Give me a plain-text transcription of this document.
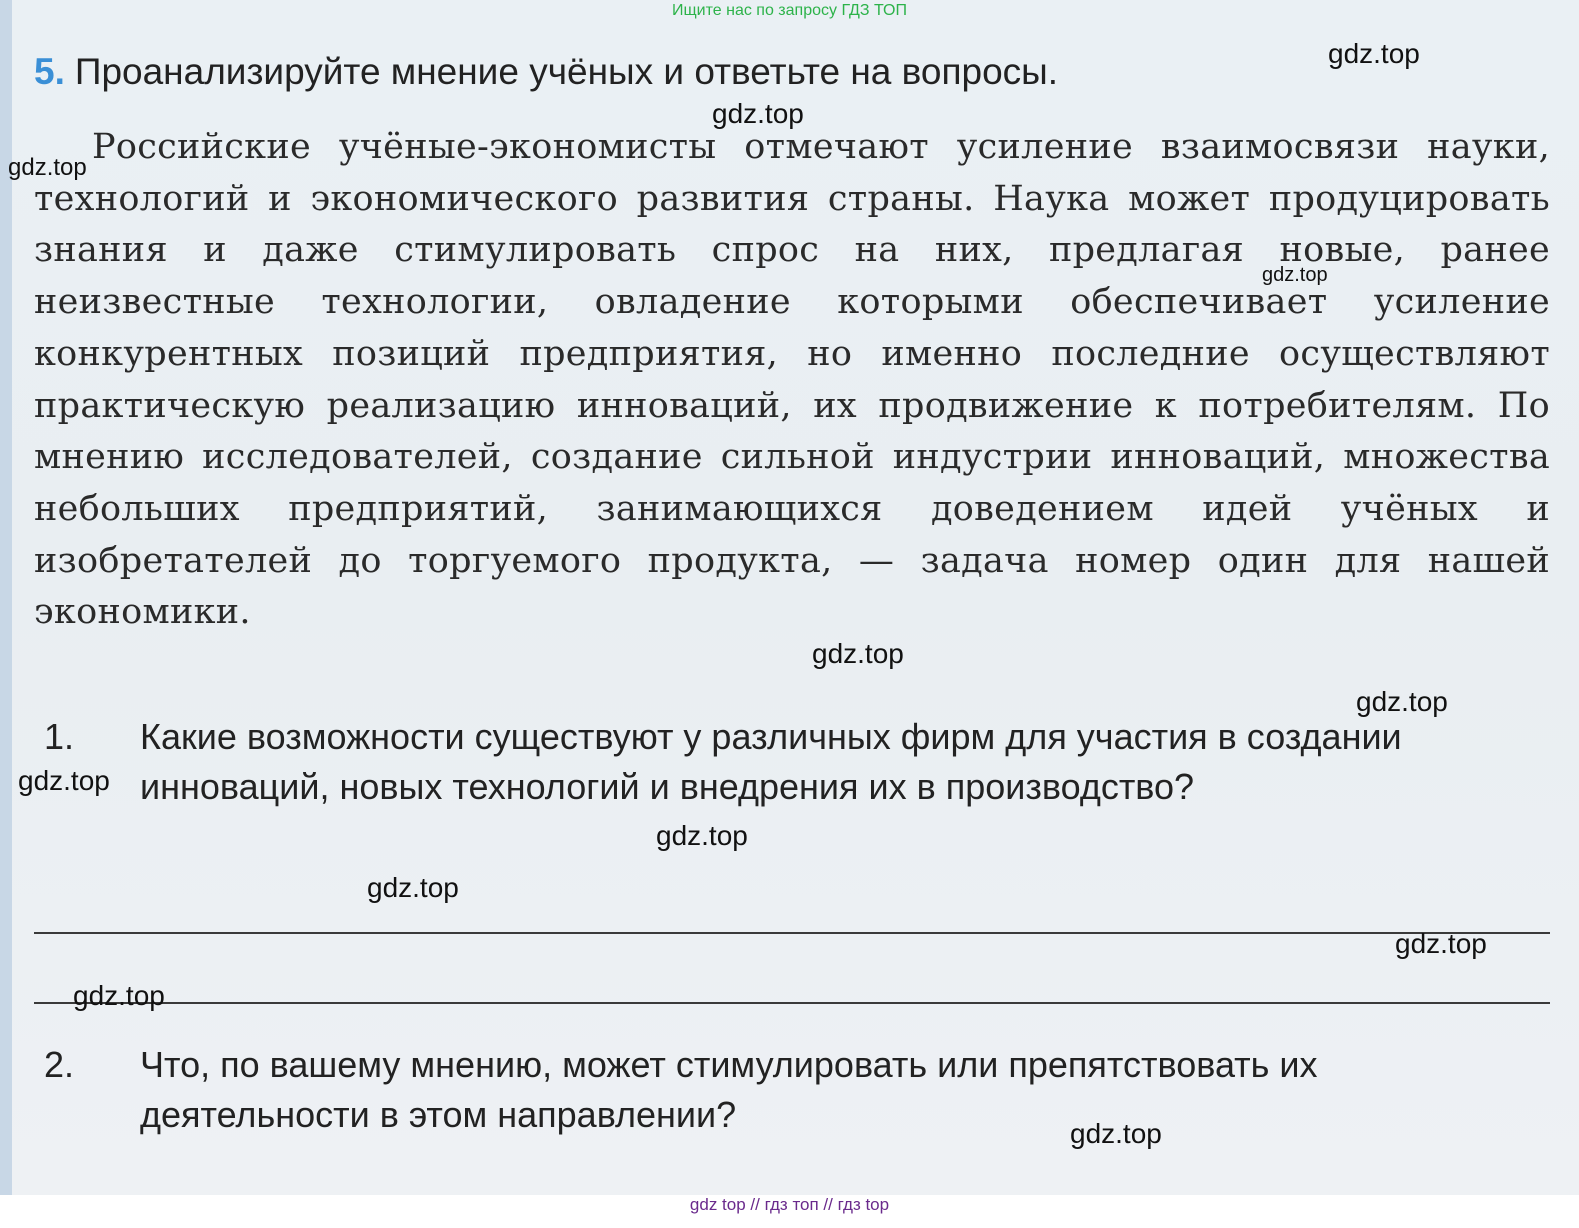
Ищите нас по запросу ГДЗ ТОП
5. Проанализируйте мнение учёных и ответьте на вопросы.
Российские учёные-экономисты отмечают усиление взаимосвязи науки, технологий и экономического развития страны. Наука может продуцировать знания и даже стимулировать спрос на них, предлагая новые, ранее неизвестные технологии, овладение которыми обеспечивает усиление конкурентных позиций предприятия, но именно последние осуществляют практическую реализацию инноваций, их продвижение к потребителям. По мнению исследователей, создание сильной индустрии инноваций, множества небольших предприятий, занимающихся доведением идей учёных и изобретателей до торгуемого продукта, — задача номер один для нашей экономики.
1. Какие возможности существуют у различных фирм для участия в создании инноваций, новых технологий и внедрения их в производство?
2. Что, по вашему мнению, может стимулировать или препятствовать их деятельности в этом направлении?
gdz.top
gdz.top
gdz.top
gdz.top
gdz.top
gdz.top
gdz.top
gdz.top
gdz.top
gdz.top
gdz.top
gdz.top
gdz top // гдз топ // гдз top
